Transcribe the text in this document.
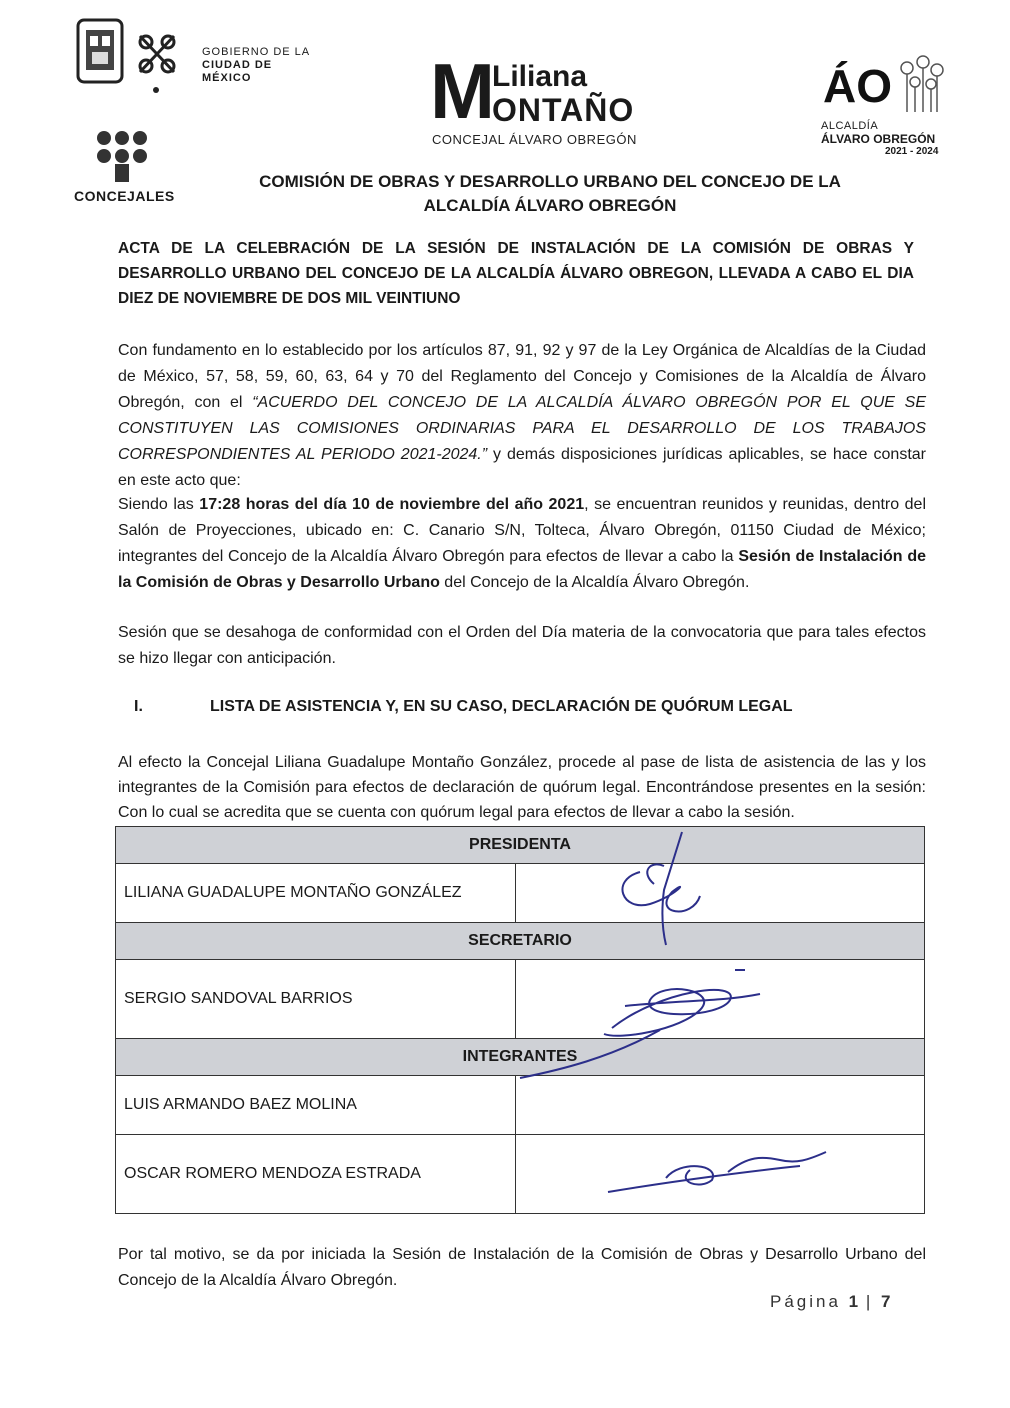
GOBIERNO DE LA
CIUDAD DE MÉXICO	M
Liliana
ONTAÑO
CONCEJAL ÁLVARO OBREGÓN
ÁO
ALCALDÍA
ÁLVARO OBREGÓN
2021 - 2024
CONCEJALES
COMISIÓN DE OBRAS Y DESARROLLO URBANO DEL CONCEJO DE LA
ALCALDÍA ÁLVARO OBREGÓN
ACTA DE LA CELEBRACIÓN DE LA SESIÓN DE INSTALACIÓN DE LA COMISIÓN DE OBRAS Y DESARROLLO URBANO DEL CONCEJO DE LA ALCALDÍA ÁLVARO OBREGON, LLEVADA A CABO EL DIA DIEZ DE NOVIEMBRE DE DOS MIL VEINTIUNO
Con fundamento en lo establecido por los artículos 87, 91, 92 y 97 de la Ley Orgánica de Alcaldías de la Ciudad de México, 57, 58, 59, 60, 63, 64 y 70 del Reglamento del Concejo y Comisiones de la Alcaldía de Álvaro Obregón, con el “ACUERDO DEL CONCEJO DE LA ALCALDÍA ÁLVARO OBREGÓN POR EL QUE SE CONSTITUYEN LAS COMISIONES ORDINARIAS PARA EL DESARROLLO DE LOS TRABAJOS CORRESPONDIENTES AL PERIODO 2021-2024.” y demás disposiciones jurídicas aplicables, se hace constar en este acto que:
Siendo las 17:28 horas del día 10 de noviembre del año 2021, se encuentran reunidos y reunidas, dentro del Salón de Proyecciones, ubicado en: C. Canario S/N, Tolteca, Álvaro Obregón, 01150 Ciudad de México; integrantes del Concejo de la Alcaldía Álvaro Obregón para efectos de llevar a cabo la Sesión de Instalación de la Comisión de Obras y Desarrollo Urbano del Concejo de la Alcaldía Álvaro Obregón.
Sesión que se desahoga de conformidad con el Orden del Día materia de la convocatoria que para tales efectos se hizo llegar con anticipación.
I.	LISTA DE ASISTENCIA Y, EN SU CASO, DECLARACIÓN DE QUÓRUM LEGAL
Al efecto la Concejal Liliana Guadalupe Montaño González, procede al pase de lista de asistencia de las y los integrantes de la Comisión para efectos de declaración de quórum legal. Encontrándose presentes en la sesión: Con lo cual se acredita que se cuenta con quórum legal para efectos de llevar a cabo la sesión.
PRESIDENTA	
LILIANA GUADALUPE MONTAÑO GONZÁLEZ	
SECRETARIO	
SERGIO SANDOVAL BARRIOS	
INTEGRANTES	
LUIS ARMANDO BAEZ MOLINA	
OSCAR ROMERO MENDOZA ESTRADA	
Por tal motivo, se da por iniciada la Sesión de Instalación de la Comisión de Obras y Desarrollo Urbano del Concejo de la Alcaldía Álvaro Obregón.
Página 1 | 7
